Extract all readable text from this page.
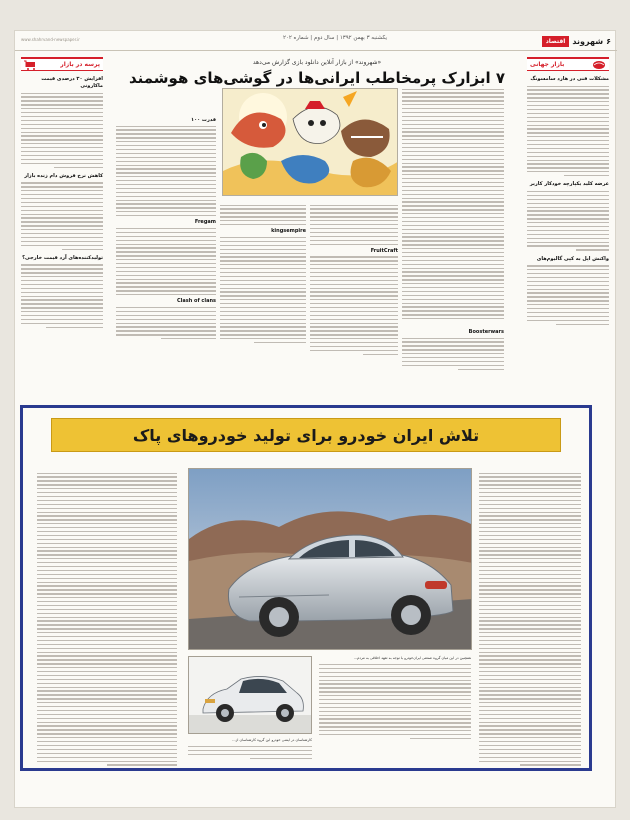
www.shahrvand-newspaper.ir	یکشنبه ۳ بهمن ۱۳۹۲ | سال دوم | شماره ۲۰۲	۶
شهروند
اقتصاد
پرسه در بازار
افزایش ۳۰ درصدی قیمت ماکارونی
کاهش نرخ فروش دام زنده بازار
تولیدکننده‌های آرد قیمت خارجی؟
بازار جهانی
مشکلات فنی در هارد سامسونگ
عرضه کلید یکپارچه خودکار کاربر
واکنش اپل به کپی گالیوم‌های
«شهروند» از بازار آنلاین دانلود بازی گزارش می‌دهد
۷ ابزارک پرمخاطب ایرانی‌ها در گوشی‌های هوشمند
FruitCraft
kingsempire
قدرت ۱۰۰
Fregam
Clash of clans
Boosterwars
تلاش ایران خودرو برای تولید خودروهای پاک
همچنین در این میان گروه صنعتی ایران‌خودرو با توجه به تعهد اخلاقی به مردم...
کارشناسان در ایمنی خودرو این گروه کارشناسان از...
